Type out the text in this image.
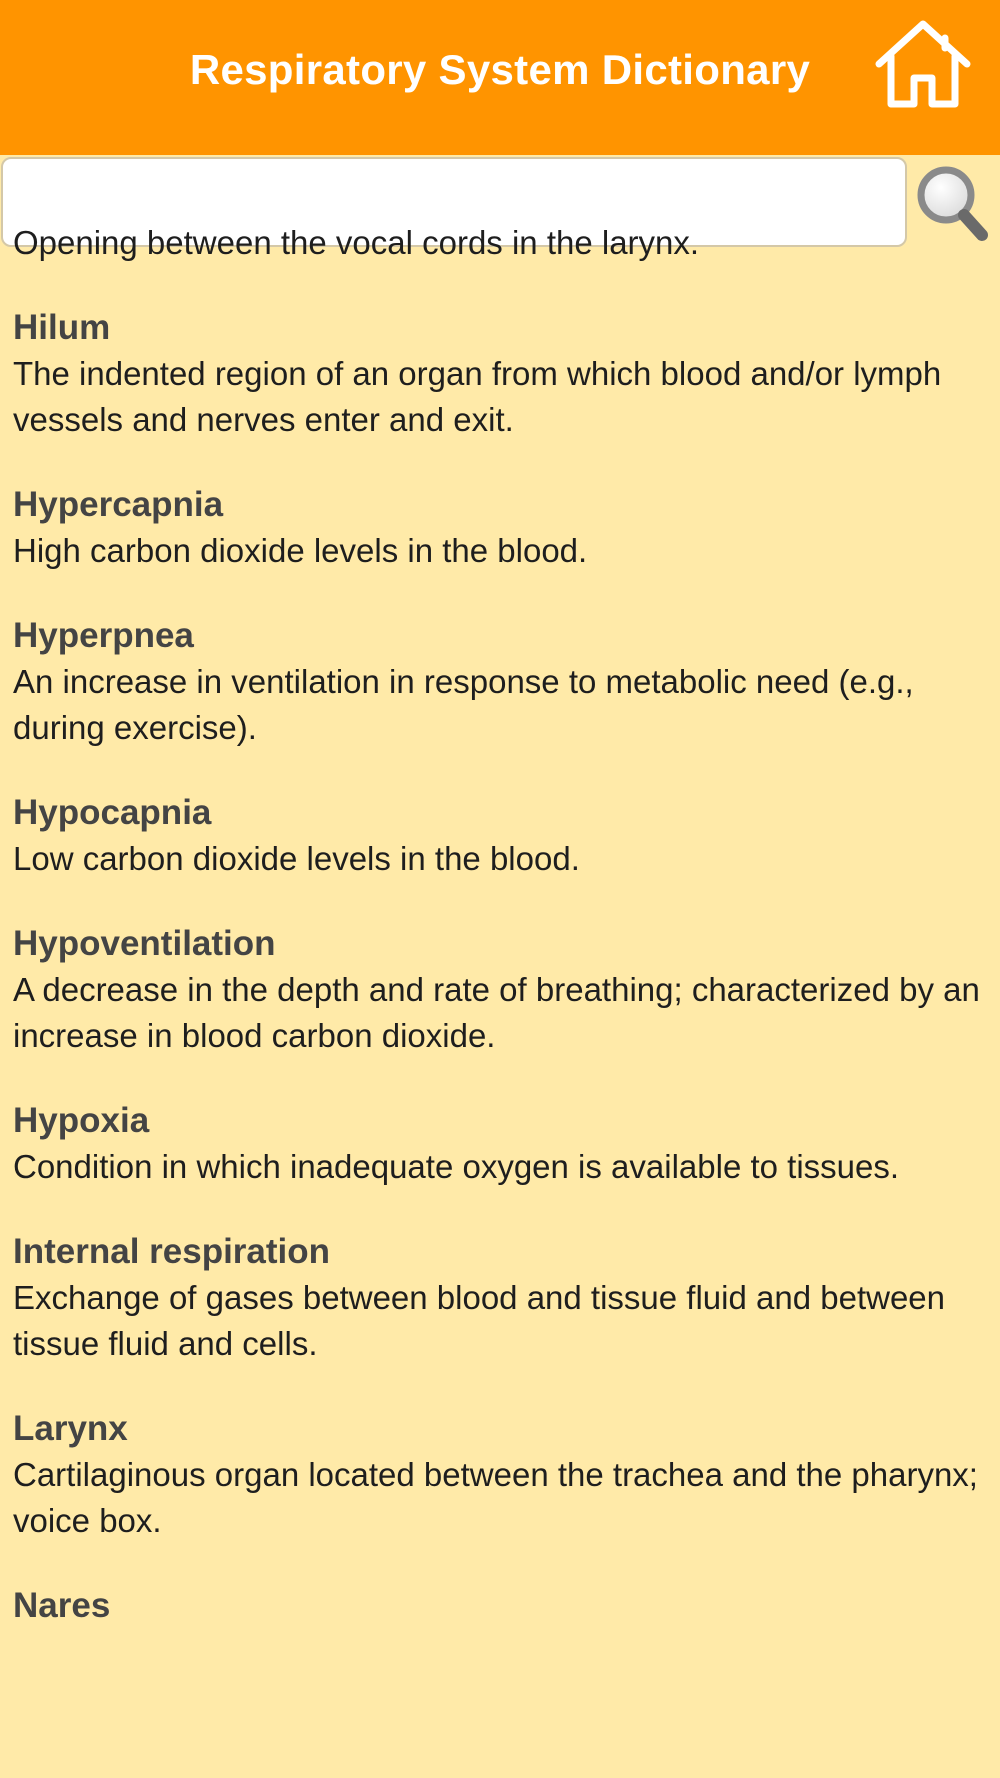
Respiratory System Dictionary
Opening between the vocal cords in the larynx.
Hilum
The indented region of an organ from which blood and/or lymph vessels and nerves enter and exit.
Hypercapnia
High carbon dioxide levels in the blood.
Hyperpnea
An increase in ventilation in response to metabolic need (e.g., during exercise).
Hypocapnia
Low carbon dioxide levels in the blood.
Hypoventilation
A decrease in the depth and rate of breathing; characterized by an increase in blood carbon dioxide.
Hypoxia
Condition in which inadequate oxygen is available to tissues.
Internal respiration
Exchange of gases between blood and tissue fluid and between tissue fluid and cells.
Larynx
Cartilaginous organ located between the trachea and the pharynx; voice box.
Nares
